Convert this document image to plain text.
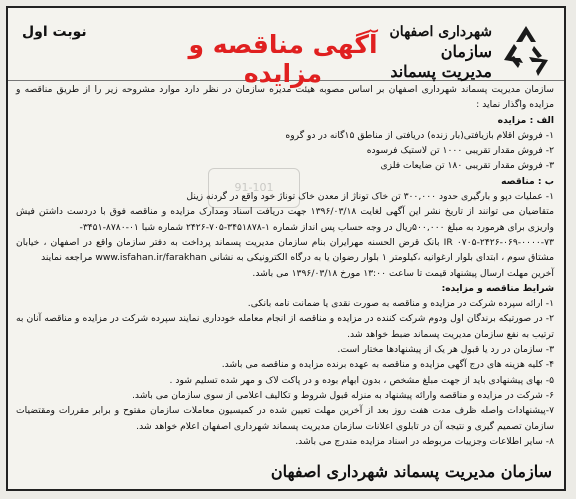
شهرداری اصفهان
سازمان مدیریت پسماند
آگهی مناقصه و مزایده
نوبت اول

سازمان مدیریت پسماند شهرداری اصفهان بر اساس مصوبه هیئت مدیره سازمان در نظر دارد موارد مشروحه زیر را از طریق مناقصه و مزایده واگذار نماید :

الف : مزایده

۱- فروش اقلام بازیافتی(بار زنده) دریافتی از مناطق ۱۵گانه در دو گروه

۲- فروش مقدار تقریبی ۱۰۰۰ تن لاستیک فرسوده

۳- فروش مقدار تقریبی ۱۸۰ تن ضایعات فلزی

ب : مناقصه

۱- عملیات دپو و بارگیری حدود ۳۰۰,۰۰۰ تن خاک توناژ از معدن خاک توناژ خود واقع در گردنه زینل

متقاضیان می توانند از تاریخ نشر این آگهی لغایت ۱۳۹۶/۰۳/۱۸ جهت دریافت اسناد ومدارک مزایده و مناقصه فوق با دردست داشتن فیش واریزی برای هرمورد به مبلغ ۵۰۰,۰۰۰ریال در وجه حساب پس انداز شماره ۱-۳۴۵۱۸۷۸-۷۰۵-۲۴۲۶ شماره شبا ۰۱-۸۷۸۰-۳۴۵۱-

۰۷۰۵-۲۴۲۶-۰۶۹-۰۰۰۰-۷۳ IR بانک قرض الحسنه مهرایران بنام سازمان مدیریت پسماند پرداخت به دفتر سازمان واقع در اصفهان ، خیابان مشتاق سوم ، ابتدای بلوار ارغوانیه ،کیلومتر ۱ بلوار رضوان یا به درگاه الکترونیکی به نشانی www.isfahan.ir/farakhan مراجعه نمایند

آخرین مهلت ارسال پیشنهاد قیمت تا ساعت ۱۳:۰۰ مورخ ۱۳۹۶/۰۳/۱۸ می باشد.

شرایط مناقصه و مزایده:

۱- ارائه سپرده شرکت در مزایده و مناقصه به صورت نقدی یا ضمانت نامه بانکی.

۲- در صورتیکه برندگان اول ودوم شرکت کننده در مزایده و مناقصه از انجام معامله خودداری نمایند سپرده شرکت در مزایده و مناقصه آنان به ترتیب به نفع سازمان مدیریت پسماند ضبط خواهد شد.

۳- سازمان در رد یا قبول هر یک از پیشنهادها مختار است.

۴- کلیه هزینه های درج آگهی مزایده و مناقصه به عهده برنده مزایده و مناقصه می باشد.

۵- بهای پیشنهادی باید از جهت مبلغ مشخص ، بدون ابهام بوده و در پاکت لاک و مهر شده تسلیم شود .

۶- شرکت در مزایده و مناقصه وارائه پیشنهاد به منزله قبول شروط و تکالیف اعلامی از سوی سازمان می باشد.

۷-پیشنهادات واصله ظرف مدت هفت روز بعد از آخرین مهلت تعیین شده در کمیسیون معاملات سازمان مفتوح و برابر مقررات ومقتضیات سازمان تصمیم گیری و نتیجه آن در تابلوی اعلانات سازمان مدیریت پسماند شهرداری اصفهان اعلام خواهد شد.

۸- سایر اطلاعات وجزییات مربوطه در اسناد مزایده مندرج می باشد.

91-101
سازمان مدیریت پسماند شهرداری اصفهان
